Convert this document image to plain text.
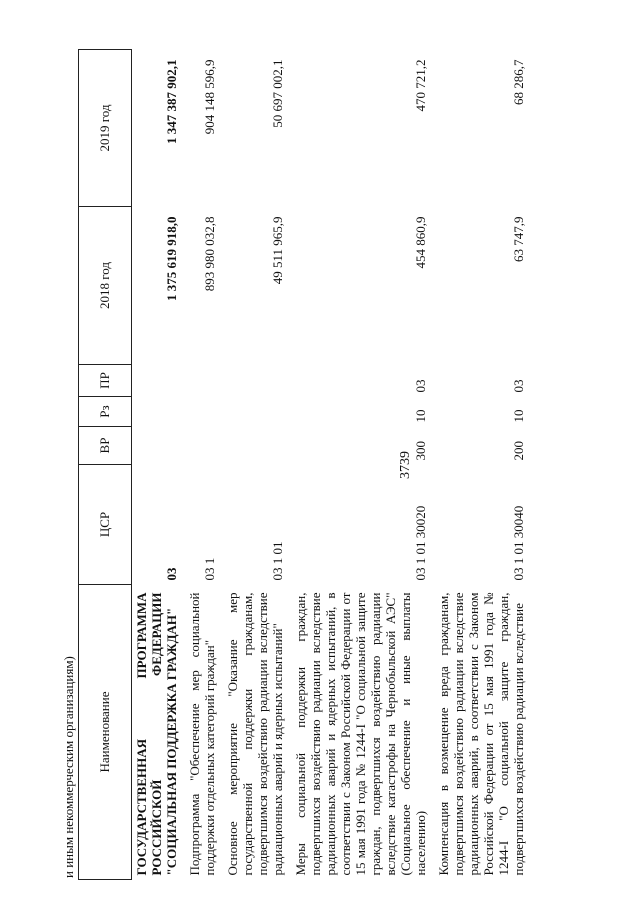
3739
и иным некоммерческим организациям) Наименование	ЦСР	ВР	Рз	ПР	2018 год	2019 год
ГОСУДАРСТВЕННАЯ ПРОГРАММА РОССИЙСКОЙ ФЕДЕРАЦИИ "СОЦИАЛЬНАЯ ПОДДЕРЖКА ГРАЖДАН"	03				1 375 619 918,0	1 347 387 902,1
Подпрограмма "Обеспечение мер социальной поддержки отдельных категорий граждан"	03 1				893 980 032,8	904 148 596,9
Основное мероприятие "Оказание мер государственной поддержки гражданам, подвергшимся воздействию радиации вследствие радиационных аварий и ядерных испытаний"	03 1 01				49 511 965,9	50 697 002,1
Меры социальной поддержки граждан, подвергшихся воздействию радиации вследствие радиационных аварий и ядерных испытаний, в соответствии с Законом Российской Федерации от 15 мая 1991 года № 1244-I "О социальной защите граждан, подвергшихся воздействию радиации вследствие катастрофы на Чернобыльской АЭС" (Социальное обеспечение и иные выплаты населению)	03 1 01 30020	300	10	03	454 860,9	470 721,2
Компенсация в возмещение вреда гражданам, подвергшимся воздействию радиации вследствие радиационных аварий, в соответствии с Законом Российской Федерации от 15 мая 1991 года № 1244-I "О социальной защите граждан, подвергшихся воздействию радиации вследствие	03 1 01 30040	200	10	03	63 747,9	68 286,7
